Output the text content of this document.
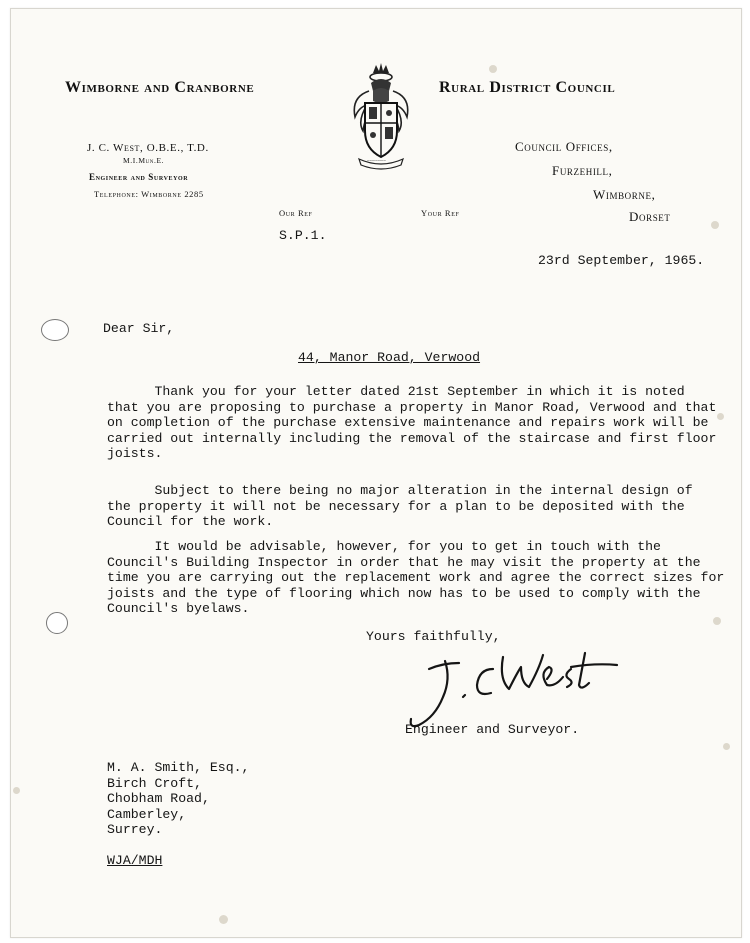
Wimborne and Cranborne	Rural District Council
~~~~~~~
J. C. West, O.B.E., T.D.
M.I.Mun.E.
Engineer and Surveyor
Telephone: Wimborne 2285
Council Offices,
Furzehill,
Wimborne,
Dorset
Our Ref	Your Ref
S.P.1.
23rd September, 1965.
Dear Sir,
44, Manor Road, Verwood
Thank you for your letter dated 21st September in which it is noted
that you are proposing to purchase a property in Manor Road, Verwood and that
on completion of the purchase extensive maintenance and repairs work will be
carried out internally including the removal of the staircase and first floor
joists.
Subject to there being no major alteration in the internal design of
the property it will not be necessary for a plan to be deposited with the
Council for the work.
It would be advisable, however, for you to get in touch with the
Council's Building Inspector in order that he may visit the property at the
time you are carrying out the replacement work and agree the correct sizes for
joists and the type of flooring which now has to be used to comply with the
Council's byelaws.
Yours faithfully,
Engineer and Surveyor.
M. A. Smith, Esq.,
Birch Croft,
Chobham Road,
Camberley,
Surrey.
WJA/MDH
